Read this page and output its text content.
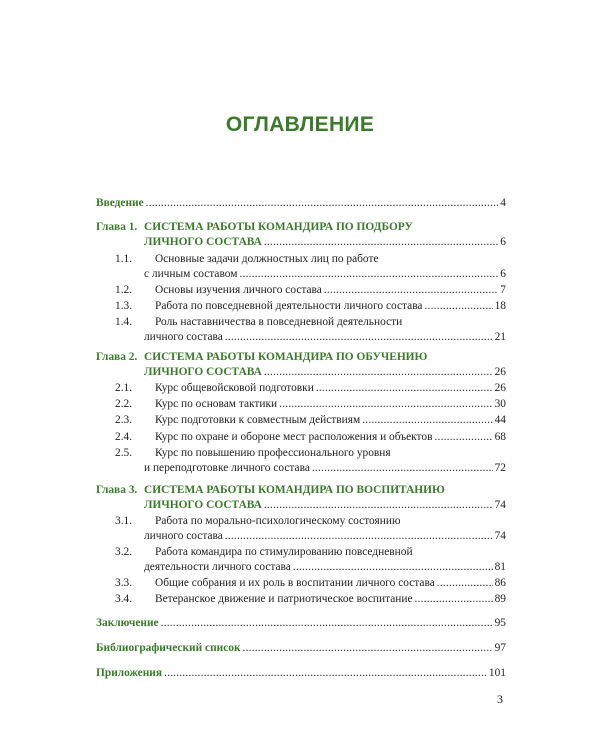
ОГЛАВЛЕНИЕ
Введение .....	4
Глава 1. СИСТЕМА РАБОТЫ КОМАНДИРА ПО ПОДБОРУ
ЛИЧНОГО СОСТАВА .....	6
1.1. Основные задачи должностных лиц по работе
с личным составом .....	6
1.2.	Основы изучения личного состава .....	7
1.3.	Работа по повседневной деятельности личного состава .....	18
1.4. Роль наставничества в повседневной деятельности
личного состава .....	21
Глава 2. СИСТЕМА РАБОТЫ КОМАНДИРА ПО ОБУЧЕНИЮ
ЛИЧНОГО СОСТАВА .....	26
2.1.	Курс общевойсковой подготовки .....	26
2.2.	Курс по основам тактики .....	30
2.3.	Курс подготовки к совместным действиям .....	44
2.4.	Курс по охране и обороне мест расположения и объектов .....	68
2.5. Курс по повышению профессионального уровня
и переподготовке личного состава .....	72
Глава 3. СИСТЕМА РАБОТЫ КОМАНДИРА ПО ВОСПИТАНИЮ
ЛИЧНОГО СОСТАВА .....	74
3.1. Работа по морально-психологическому состоянию
личного состава .....	74
3.2. Работа командира по стимулированию повседневной
деятельности личного состава .....	81
3.3.	Общие собрания и их роль в воспитании личного состава .....	86
3.4.	Ветеранское движение и патриотическое воспитание .....	89
Заключение .....	95
Библиографический список .....	97
Приложения .....	101
3
